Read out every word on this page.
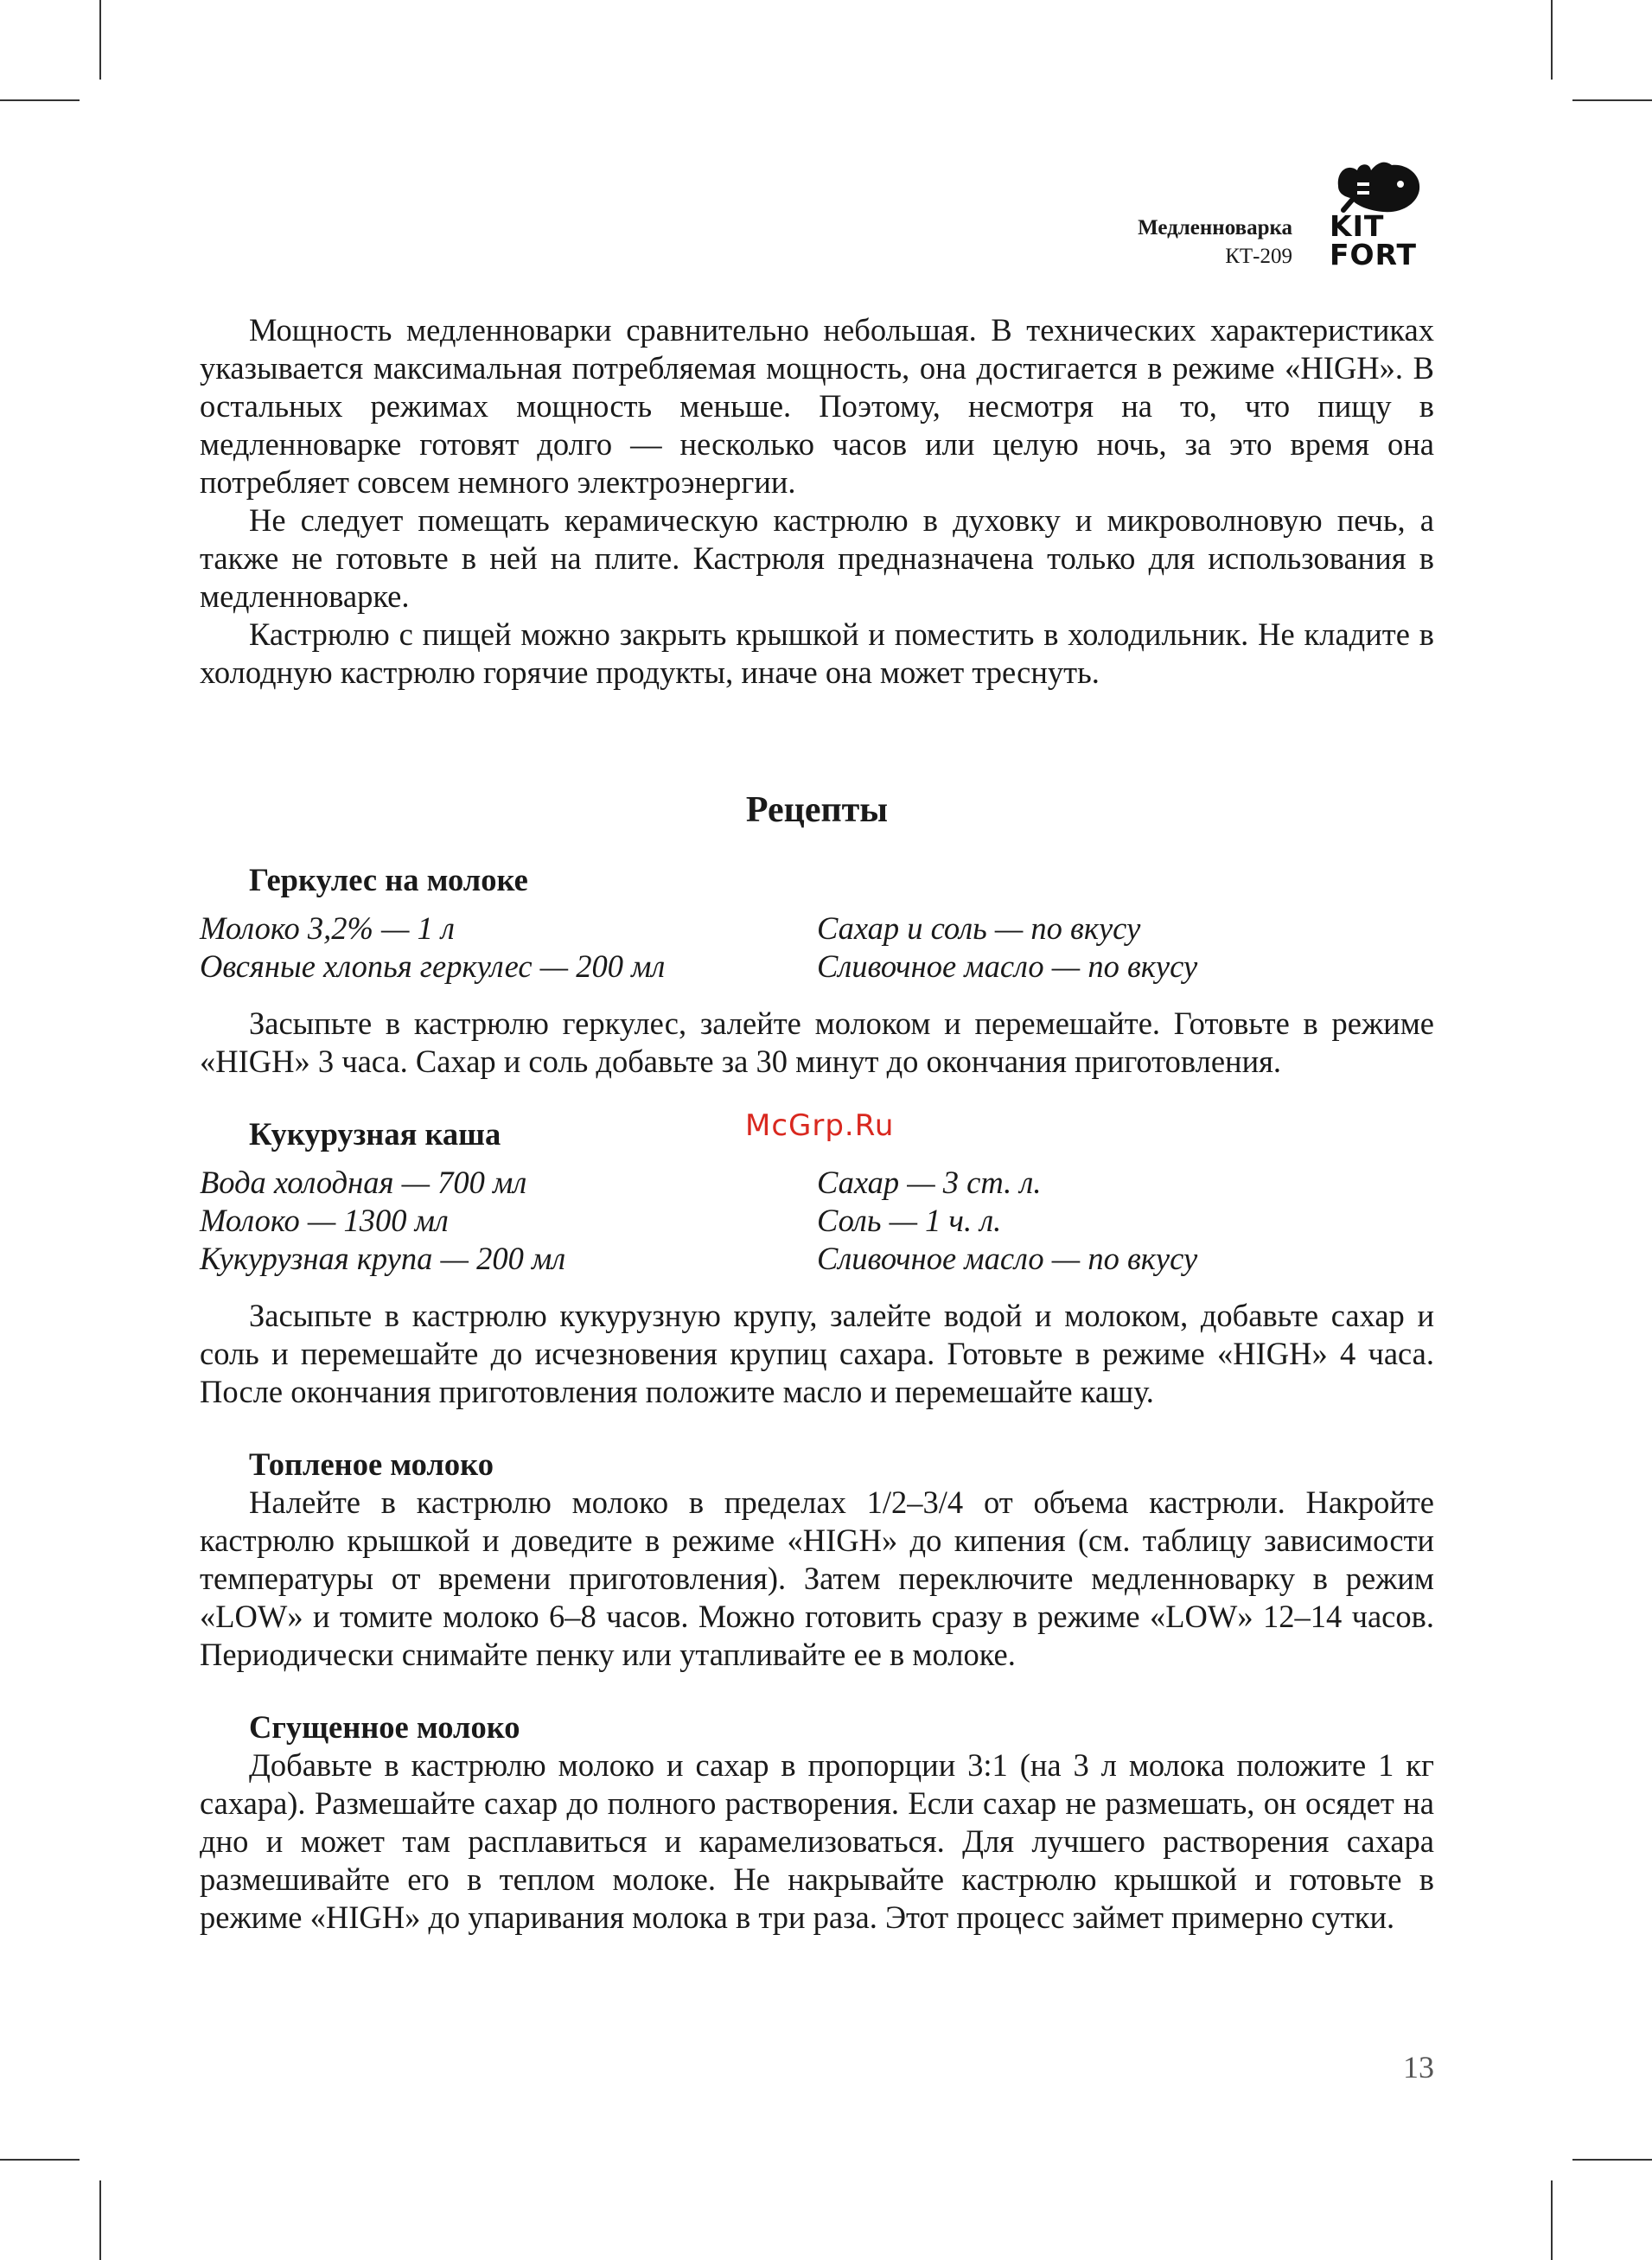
Медленноварка
КТ-209
KIT
FORT

Мощность медленноварки сравнительно небольшая. В технических характеристиках указывается максимальная потребляемая мощность, она достигается в режиме «HIGH». В остальных режимах мощность меньше. Поэтому, несмотря на то, что пищу в медленноварке готовят долго — несколько часов или целую ночь, за это время она потребляет совсем немного электроэнергии.

Не следует помещать керамическую кастрюлю в духовку и микроволновую печь, а также не готовьте в ней на плите. Кастрюля предназначена только для использования в медленноварке.

Кастрюлю с пищей можно закрыть крышкой и поместить в холодильник. Не кладите в холодную кастрюлю горячие продукты, иначе она может треснуть.

Рецепты
Геркулес на молоке
Молоко 3,2% — 1 л
Овсяные хлопья геркулес — 200 мл
Сахар и соль — по вкусу
Сливочное масло — по вкусу

Засыпьте в кастрюлю геркулес, залейте молоком и перемешайте. Готовьте в режиме «HIGH» 3 часа. Сахар и соль добавьте за 30 минут до окончания приготовления.

Кукурузная каша
Вода холодная — 700 мл
Молоко — 1300 мл
Кукурузная крупа — 200 мл
Сахар — 3 ст. л.
Соль — 1 ч. л.
Сливочное масло — по вкусу

Засыпьте в кастрюлю кукурузную крупу, залейте водой и молоком, добавьте сахар и соль и перемешайте до исчезновения крупиц сахара. Готовьте в режиме «HIGH» 4 часа. После окончания приготовления положите масло и перемешайте кашу.

Топленое молоко

Налейте в кастрюлю молоко в пределах 1/2–3/4 от объема кастрюли. Накройте кастрюлю крышкой и доведите в режиме «HIGH» до кипения (см. таблицу зависимости температуры от времени приготовления). Затем переключите медленноварку в режим «LOW» и томите молоко 6–8 часов. Можно готовить сразу в режиме «LOW» 12–14 часов. Периодически снимайте пенку или утапливайте ее в молоке.

Сгущенное молоко

Добавьте в кастрюлю молоко и сахар в пропорции 3:1 (на 3 л молока положите 1 кг сахара). Размешайте сахар до полного растворения. Если сахар не размешать, он осядет на дно и может там расплавиться и карамелизоваться. Для лучшего растворения сахара размешивайте его в теплом молоке. Не накрывайте кастрюлю крышкой и готовьте в режиме «HIGH» до упаривания молока в три раза. Этот процесс займет примерно сутки.

McGrp.Ru
13
